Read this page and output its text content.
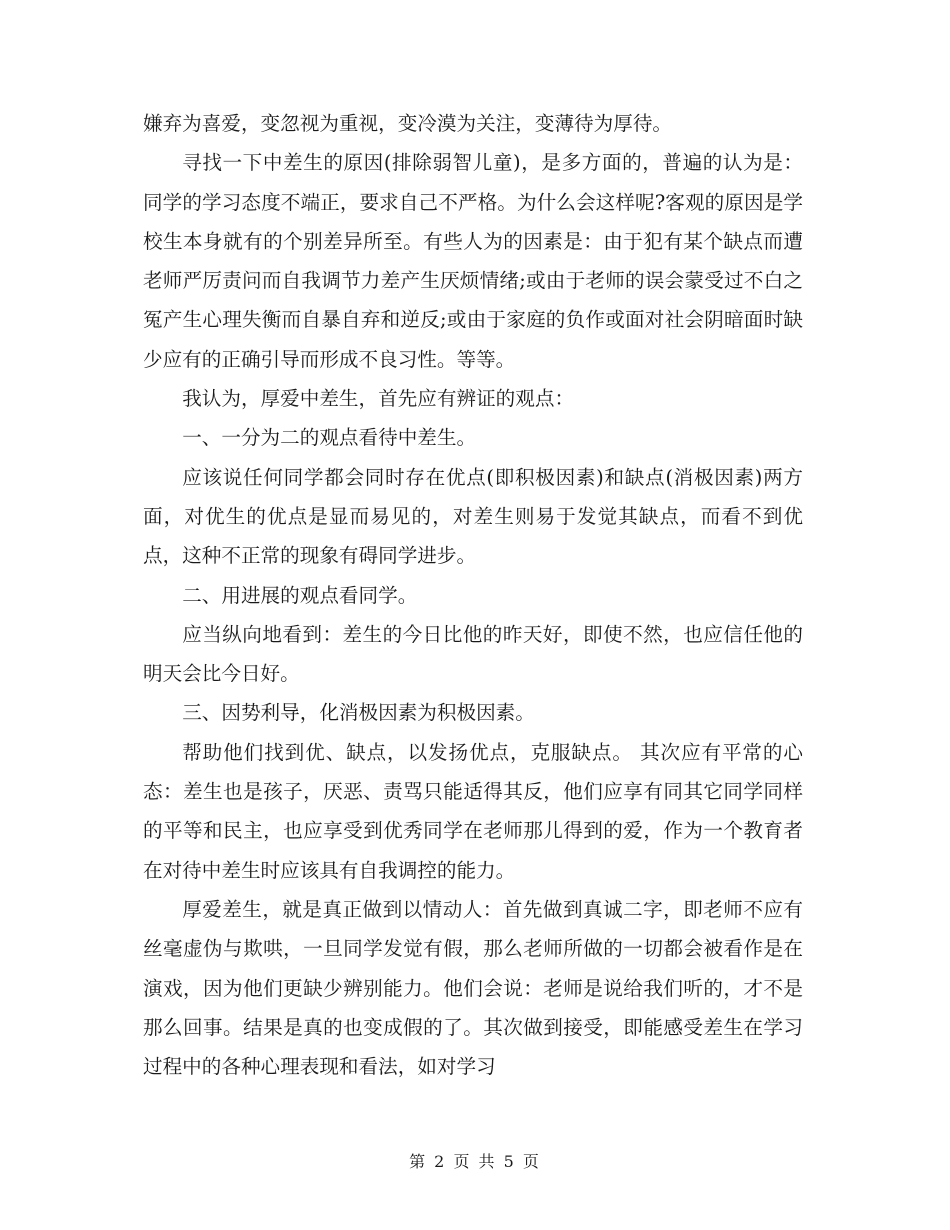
嫌弃为喜爱，变忽视为重视，变冷漠为关注，变薄待为厚待。

寻找一下中差生的原因(排除弱智儿童)，是多方面的，普遍的认为是：同学的学习态度不端正，要求自己不严格。为什么会这样呢?客观的原因是学校生本身就有的个别差异所至。有些人为的因素是：由于犯有某个缺点而遭老师严厉责问而自我调节力差产生厌烦情绪;或由于老师的误会蒙受过不白之冤产生心理失衡而自暴自弃和逆反;或由于家庭的负作或面对社会阴暗面时缺少应有的正确引导而形成不良习性。等等。

我认为，厚爱中差生，首先应有辨证的观点：

一、一分为二的观点看待中差生。

应该说任何同学都会同时存在优点(即积极因素)和缺点(消极因素)两方面，对优生的优点是显而易见的，对差生则易于发觉其缺点，而看不到优点，这种不正常的现象有碍同学进步。

二、用进展的观点看同学。

应当纵向地看到：差生的今日比他的昨天好，即使不然，也应信任他的明天会比今日好。

三、因势利导，化消极因素为积极因素。

帮助他们找到优、缺点，以发扬优点，克服缺点。 其次应有平常的心态：差生也是孩子，厌恶、责骂只能适得其反，他们应享有同其它同学同样的平等和民主，也应享受到优秀同学在老师那儿得到的爱，作为一个教育者在对待中差生时应该具有自我调控的能力。

厚爱差生，就是真正做到以情动人：首先做到真诚二字，即老师不应有丝毫虚伪与欺哄，一旦同学发觉有假，那么老师所做的一切都会被看作是在演戏，因为他们更缺少辨别能力。他们会说：老师是说给我们听的，才不是那么回事。结果是真的也变成假的了。其次做到接受，即能感受差生在学习过程中的各种心理表现和看法，如对学习

第 2 页 共 5 页
